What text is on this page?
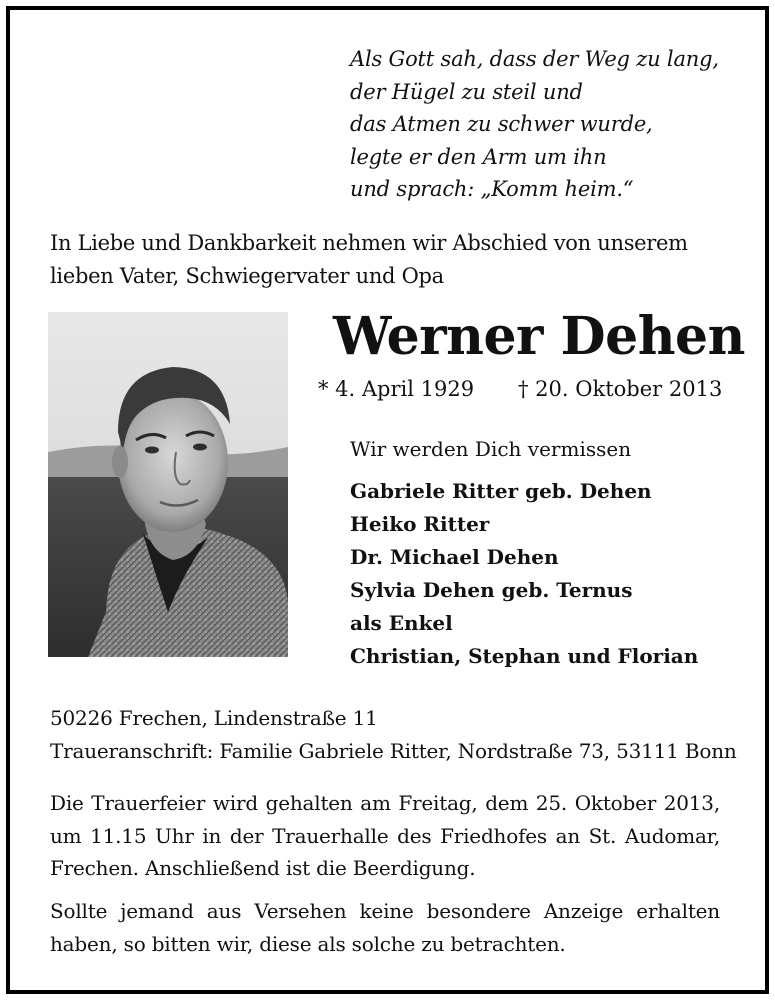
Als Gott sah, dass der Weg zu lang,
der Hügel zu steil und
das Atmen zu schwer wurde,
legte er den Arm um ihn
und sprach: „Komm heim.“
In Liebe und Dankbarkeit nehmen wir Abschied von unserem lieben Vater, Schwiegervater und Opa
Werner Dehen
* 4. April 1929 † 20. Oktober 2013
Wir werden Dich vermissen
Gabriele Ritter geb. Dehen
Heiko Ritter
Dr. Michael Dehen
Sylvia Dehen geb. Ternus
als Enkel
Christian, Stephan und Florian
50226 Frechen, Lindenstraße 11
Traueranschrift: Familie Gabriele Ritter, Nordstraße 73, 53111 Bonn
Die Trauerfeier wird gehalten am Freitag, dem 25. Oktober 2013, um 11.15 Uhr in der Trauerhalle des Friedhofes an St. Audomar, Frechen. Anschließend ist die Beerdigung.
Sollte jemand aus Versehen keine besondere Anzeige erhalten haben, so bitten wir, diese als solche zu betrachten.
